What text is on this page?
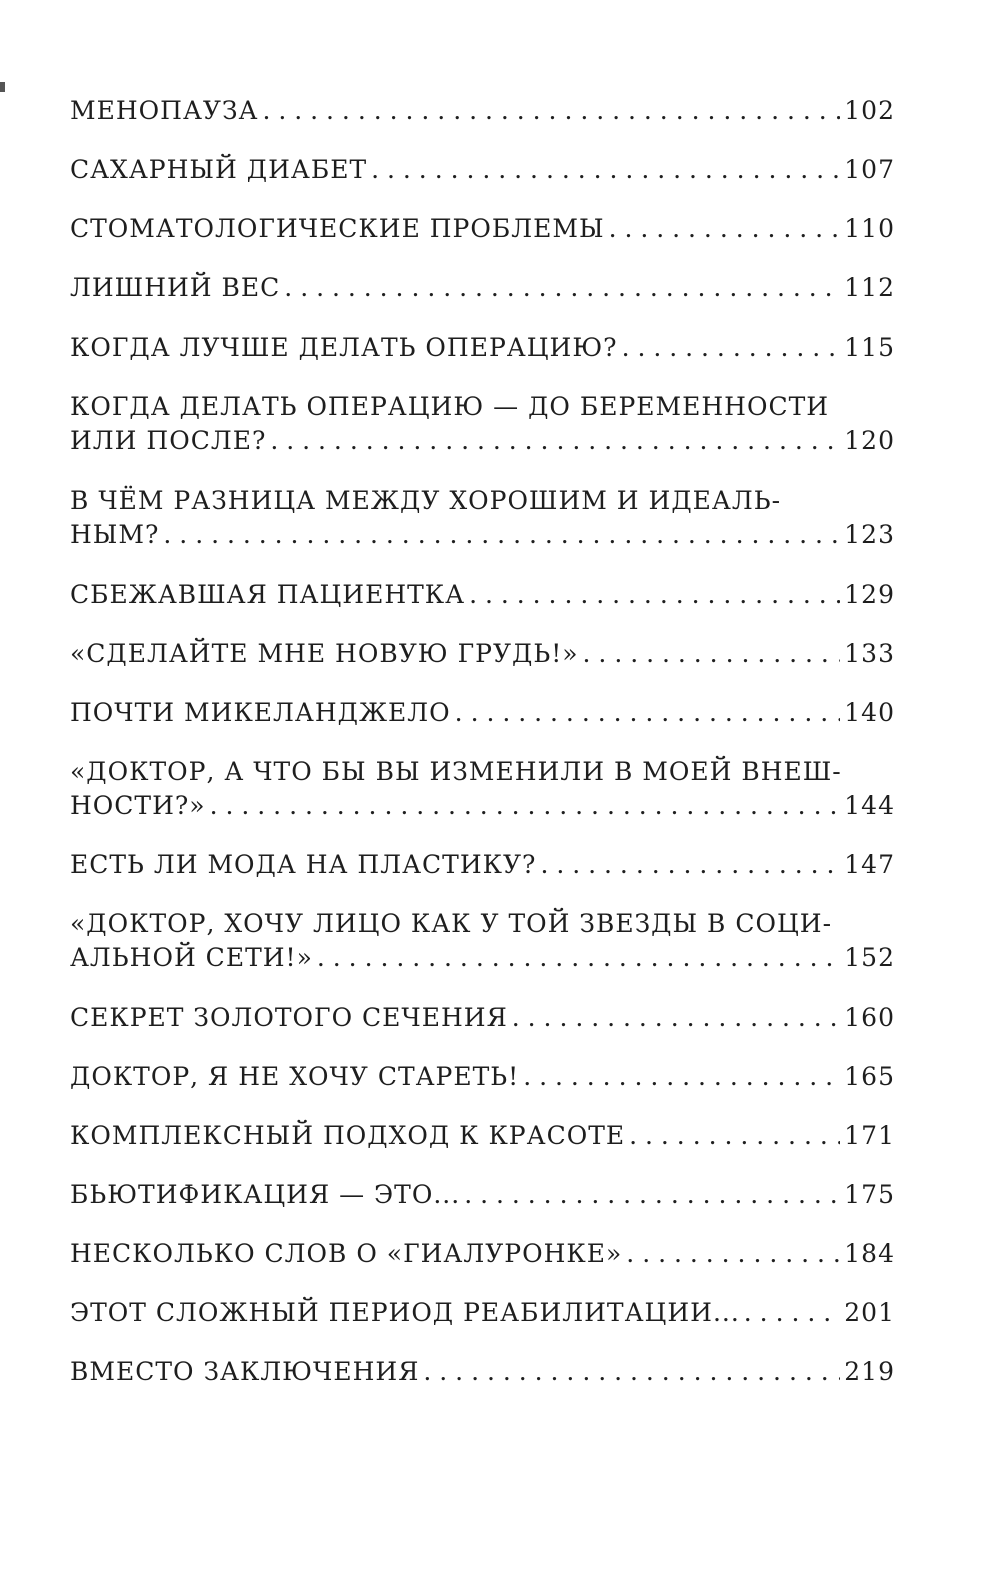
МЕНОПАУЗА . . .	102
САХАРНЫЙ ДИАБЕТ . . .	107
СТОМАТОЛОГИЧЕСКИЕ ПРОБЛЕМЫ . . .	110
ЛИШНИЙ ВЕС . . .	112
КОГДА ЛУЧШЕ ДЕЛАТЬ ОПЕРАЦИЮ? . . .	115
КОГДА ДЕЛАТЬ ОПЕРАЦИЮ — ДО БЕРЕМЕННОСТИ
ИЛИ ПОСЛЕ? . . .	120
В ЧЁМ РАЗНИЦА МЕЖДУ ХОРОШИМ И ИДЕАЛЬ-
НЫМ? . . .	123
СБЕЖАВШАЯ ПАЦИЕНТКА . . .	129
«СДЕЛАЙТЕ МНЕ НОВУЮ ГРУДЬ!» . . .	133
ПОЧТИ МИКЕЛАНДЖЕЛО . . .	140
«ДОКТОР, А ЧТО БЫ ВЫ ИЗМЕНИЛИ В МОЕЙ ВНЕШ-
НОСТИ?» . . .	144
ЕСТЬ ЛИ МОДА НА ПЛАСТИКУ? . . .	147
«ДОКТОР, ХОЧУ ЛИЦО КАК У ТОЙ ЗВЕЗДЫ В СОЦИ-
АЛЬНОЙ СЕТИ!» . . .	152
СЕКРЕТ ЗОЛОТОГО СЕЧЕНИЯ . . .	160
ДОКТОР, Я НЕ ХОЧУ СТАРЕТЬ! . . .	165
КОМПЛЕКСНЫЙ ПОДХОД К КРАСОТЕ . . .	171
БЬЮТИФИКАЦИЯ — ЭТО... . . .	175
НЕСКОЛЬКО СЛОВ О «ГИАЛУРОНКЕ» . . .	184
ЭТОТ СЛОЖНЫЙ ПЕРИОД РЕАБИЛИТАЦИИ... . . .	201
ВМЕСТО ЗАКЛЮЧЕНИЯ . . .	219
